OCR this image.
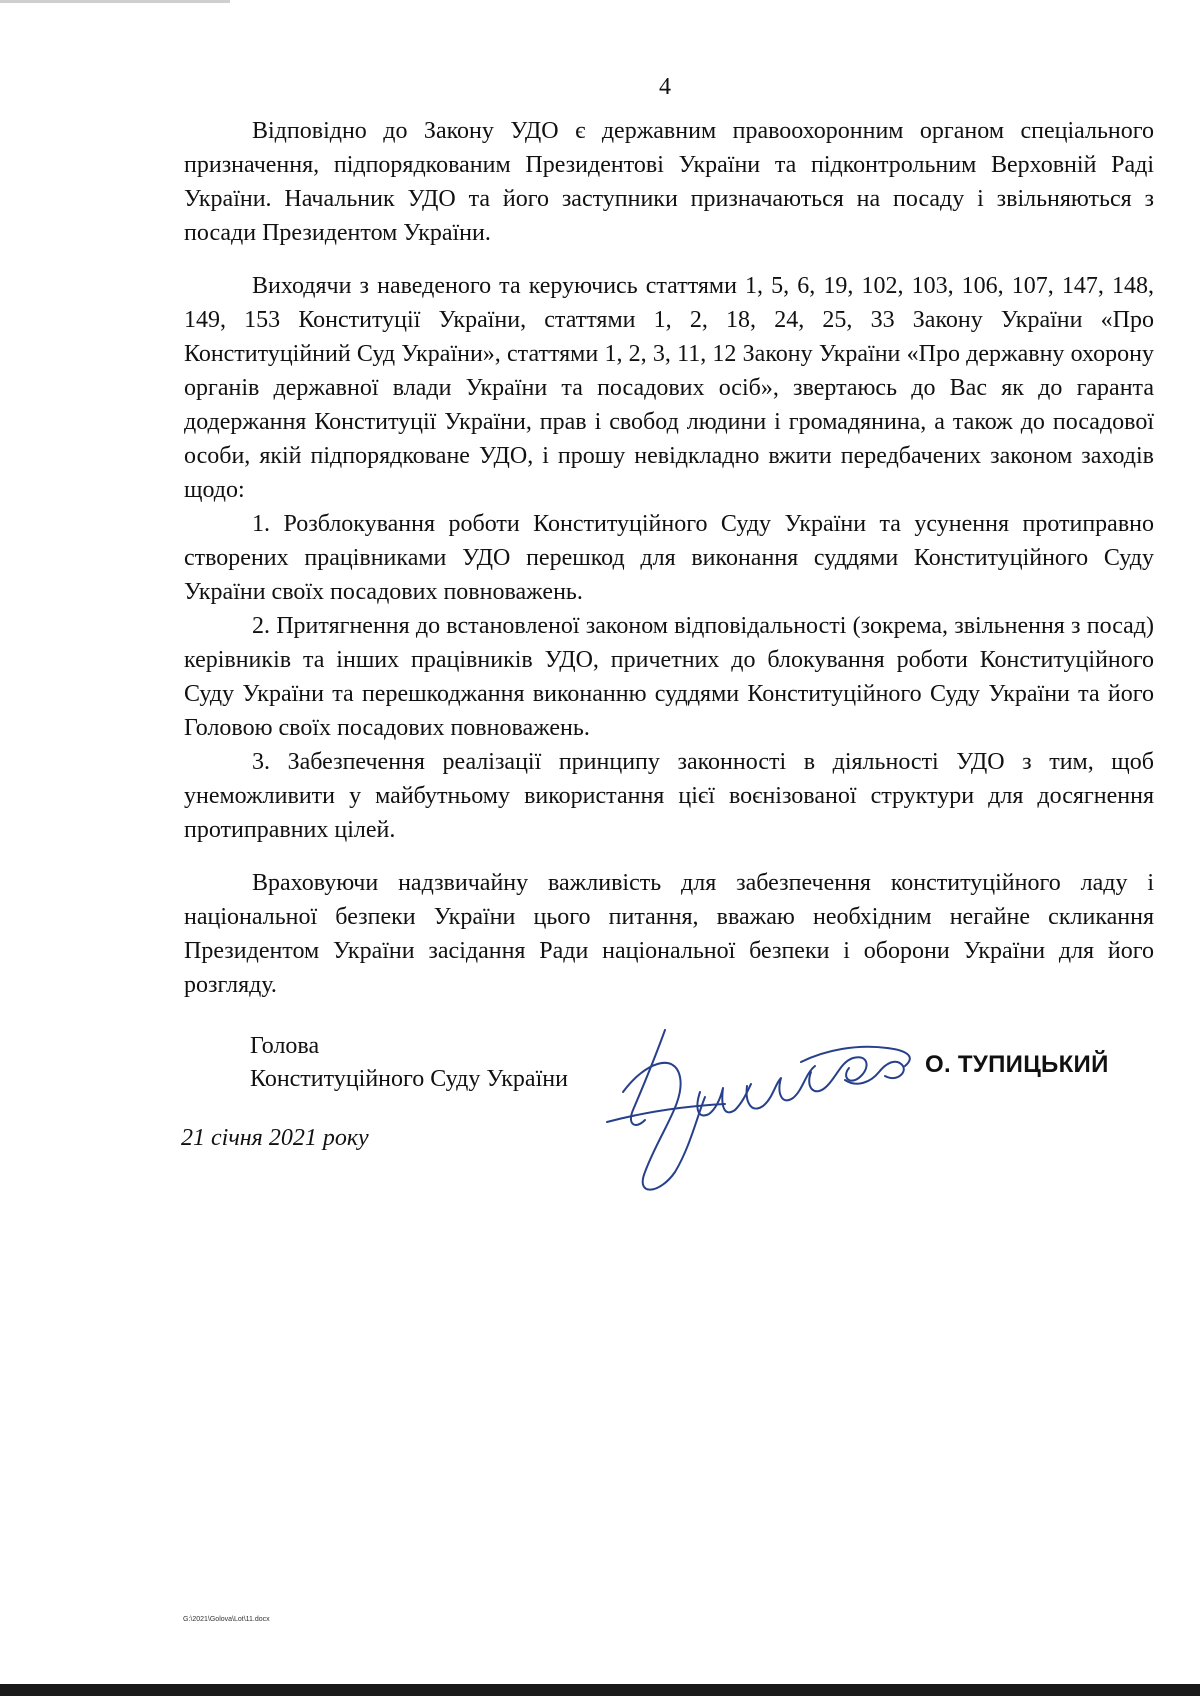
4

Відповідно до Закону УДО є державним правоохоронним органом спеціального призначення, підпорядкованим Президентові України та підконтрольним Верховній Раді України. Начальник УДО та його заступники призначаються на посаду і звільняються з посади Президентом України.

Виходячи з наведеного та керуючись статтями 1, 5, 6, 19, 102, 103, 106, 107, 147, 148, 149, 153 Конституції України, статтями 1, 2, 18, 24, 25, 33 Закону України «Про Конституційний Суд України», статтями 1, 2, 3, 11, 12 Закону України «Про державну охорону органів державної влади України та посадових осіб», звертаюсь до Вас як до гаранта додержання Конституції України, прав і свобод людини і громадянина, а також до посадової особи, якій підпорядковане УДО, і прошу невідкладно вжити передбачених законом заходів щодо:

1. Розблокування роботи Конституційного Суду України та усунення протиправно створених працівниками УДО перешкод для виконання суддями Конституційного Суду України своїх посадових повноважень.

2. Притягнення до встановленої законом відповідальності (зокрема, звільнення з посад) керівників та інших працівників УДО, причетних до блокування роботи Конституційного Суду України та перешкоджання виконанню суддями Конституційного Суду України та його Головою своїх посадових повноважень.

3. Забезпечення реалізації принципу законності в діяльності УДО з тим, щоб унеможливити у майбутньому використання цієї воєнізованої структури для досягнення протиправних цілей.

Враховуючи надзвичайну важливість для забезпечення конституційного ладу і національної безпеки України цього питання, вважаю необхідним негайне скликання Президентом України засідання Ради національної безпеки і оборони України для його розгляду.

Голова
Конституційного Суду України
О. ТУПИЦЬКИЙ
21 січня 2021 року
G:\2021\Golova\Lot\11.docx
